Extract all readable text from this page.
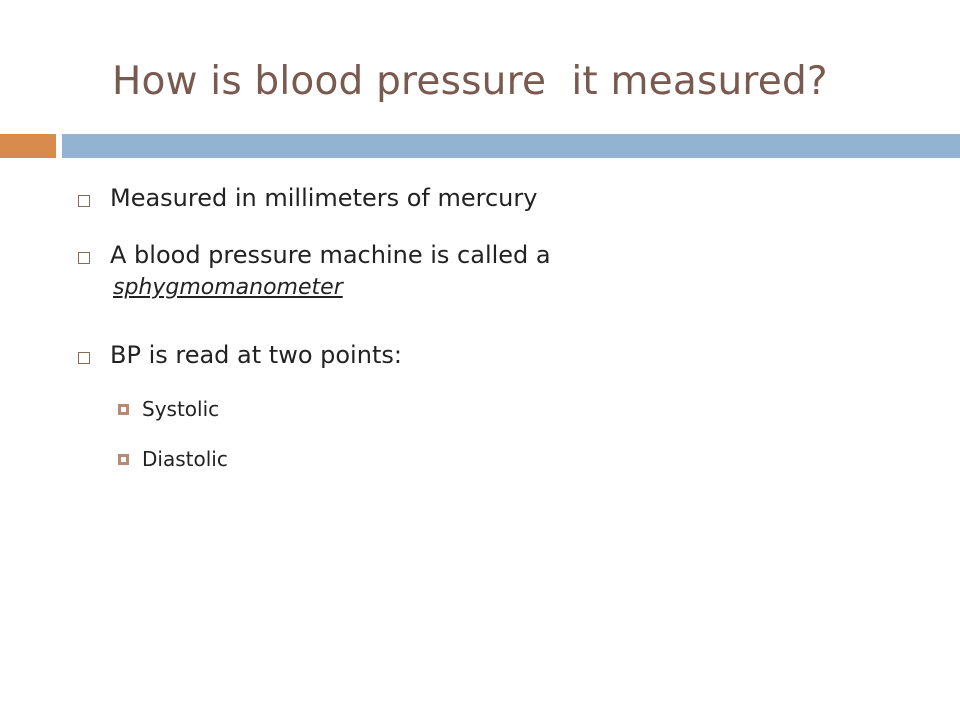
How is blood pressure  it measured?
Measured in millimeters of mercury
A blood pressure machine is called a
sphygmomanometer
BP is read at two points:
Systolic
Diastolic
